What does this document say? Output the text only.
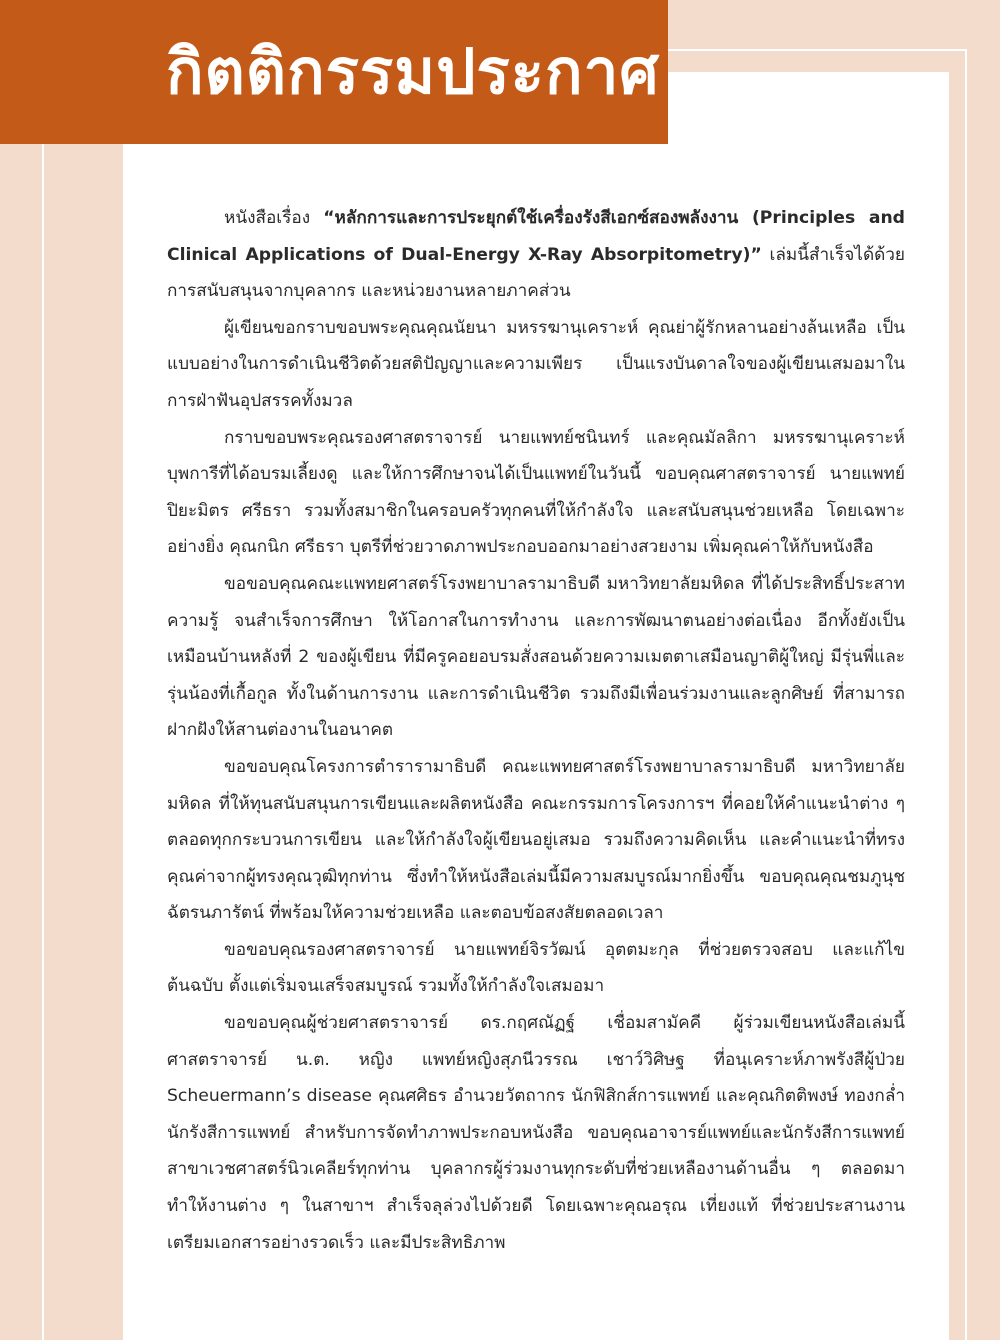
กิตติกรรมประกาศ

หนังสือเรื่อง “หลักการและการประยุกต์ใช้เครื่องรังสีเอกซ์สองพลังงาน (Principles and Clinical Applications of Dual-Energy X-Ray Absorpitometry)” เล่มนี้สำเร็จได้ด้วยการสนับสนุนจากบุคลากร และหน่วยงานหลายภาคส่วน

ผู้เขียนขอกราบขอบพระคุณคุณนัยนา มหรรฆานุเคราะห์ คุณย่าผู้รักหลานอย่างล้นเหลือ เป็นแบบอย่างในการดำเนินชีวิตด้วยสติปัญญาและความเพียร เป็นแรงบันดาลใจของผู้เขียนเสมอมาในการฝ่าฟันอุปสรรคทั้งมวล

กราบขอบพระคุณรองศาสตราจารย์ นายแพทย์ชนินทร์ และคุณมัลลิกา มหรรฆานุเคราะห์ บุพการีที่ได้อบรมเลี้ยงดู และให้การศึกษาจนได้เป็นแพทย์ในวันนี้ ขอบคุณศาสตราจารย์ นายแพทย์ปิยะมิตร ศรีธรา รวมทั้งสมาชิกในครอบครัวทุกคนที่ให้กำลังใจ และสนับสนุนช่วยเหลือ โดยเฉพาะอย่างยิ่ง คุณกนิก ศรีธรา บุตรีที่ช่วยวาดภาพประกอบออกมาอย่างสวยงาม เพิ่มคุณค่าให้กับหนังสือ

ขอขอบคุณคณะแพทยศาสตร์โรงพยาบาลรามาธิบดี มหาวิทยาลัยมหิดล ที่ได้ประสิทธิ์ประสาทความรู้ จนสำเร็จการศึกษา ให้โอกาสในการทำงาน และการพัฒนาตนอย่างต่อเนื่อง อีกทั้งยังเป็นเหมือนบ้านหลังที่ 2 ของผู้เขียน ที่มีครูคอยอบรมสั่งสอนด้วยความเมตตาเสมือนญาติผู้ใหญ่ มีรุ่นพี่และรุ่นน้องที่เกื้อกูล ทั้งในด้านการงาน และการดำเนินชีวิต รวมถึงมีเพื่อนร่วมงานและลูกศิษย์ ที่สามารถฝากฝังให้สานต่องานในอนาคต

ขอขอบคุณโครงการตำรารามาธิบดี คณะแพทยศาสตร์โรงพยาบาลรามาธิบดี มหาวิทยาลัยมหิดล ที่ให้ทุนสนับสนุนการเขียนและผลิตหนังสือ คณะกรรมการโครงการฯ ที่คอยให้คำแนะนำต่าง ๆ ตลอดทุกกระบวนการเขียน และให้กำลังใจผู้เขียนอยู่เสมอ รวมถึงความคิดเห็น และคำแนะนำที่ทรงคุณค่าจากผู้ทรงคุณวุฒิทุกท่าน ซึ่งทำให้หนังสือเล่มนี้มีความสมบูรณ์มากยิ่งขึ้น ขอบคุณคุณชมภูนุช ฉัตรนภารัตน์ ที่พร้อมให้ความช่วยเหลือ และตอบข้อสงสัยตลอดเวลา

ขอขอบคุณรองศาสตราจารย์ นายแพทย์จิรวัฒน์ อุตตมะกุล ที่ช่วยตรวจสอบ และแก้ไขต้นฉบับ ตั้งแต่เริ่มจนเสร็จสมบูรณ์ รวมทั้งให้กำลังใจเสมอมา

ขอขอบคุณผู้ช่วยศาสตราจารย์ ดร.กฤศณัฏฐ์ เชื่อมสามัคคี ผู้ร่วมเขียนหนังสือเล่มนี้ ศาสตราจารย์ น.ต. หญิง แพทย์หญิงสุภนีวรรณ เชาว์วิศิษฐ ที่อนุเคราะห์ภาพรังสีผู้ป่วย Scheuermann’s disease คุณศศิธร อำนวยวัตถากร นักฟิสิกส์การแพทย์ และคุณกิตติพงษ์ ทองกล่ำ นักรังสีการแพทย์ สำหรับการจัดทำภาพประกอบหนังสือ ขอบคุณอาจารย์แพทย์และนักรังสีการแพทย์ สาขาเวชศาสตร์นิวเคลียร์ทุกท่าน บุคลากรผู้ร่วมงานทุกระดับที่ช่วยเหลืองานด้านอื่น ๆ ตลอดมา ทำให้งานต่าง ๆ ในสาขาฯ สำเร็จลุล่วงไปด้วยดี โดยเฉพาะคุณอรุณ เที่ยงแท้ ที่ช่วยประสานงาน เตรียมเอกสารอย่างรวดเร็ว และมีประสิทธิภาพ
